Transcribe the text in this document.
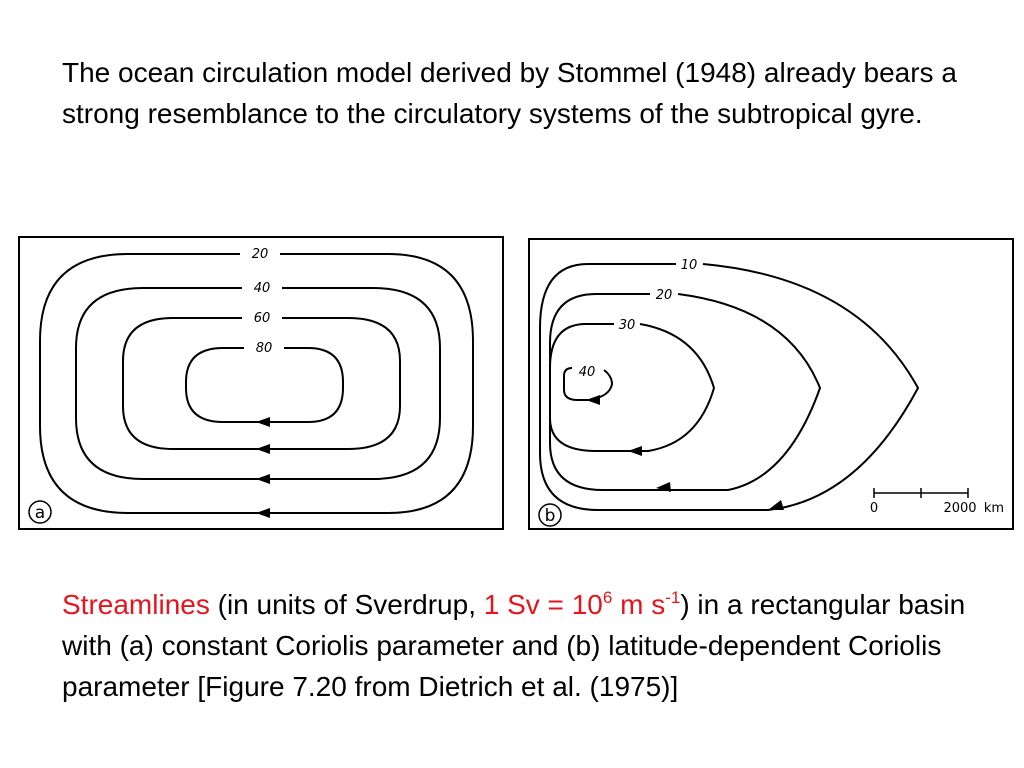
The ocean circulation model derived by Stommel (1948) already bears a strong resemblance to the circulatory systems of the subtropical gyre.
20
40
60
80
a
10
20
30
40
0	2000 km
b
Streamlines (in units of Sverdrup, 1 $Sv = 10^6$ m $s^{-1}$) in a rectangular basin with (a) constant Coriolis parameter and (b) latitude-dependent Coriolis parameter [Figure 7.20 from Dietrich et al. (1975)]
